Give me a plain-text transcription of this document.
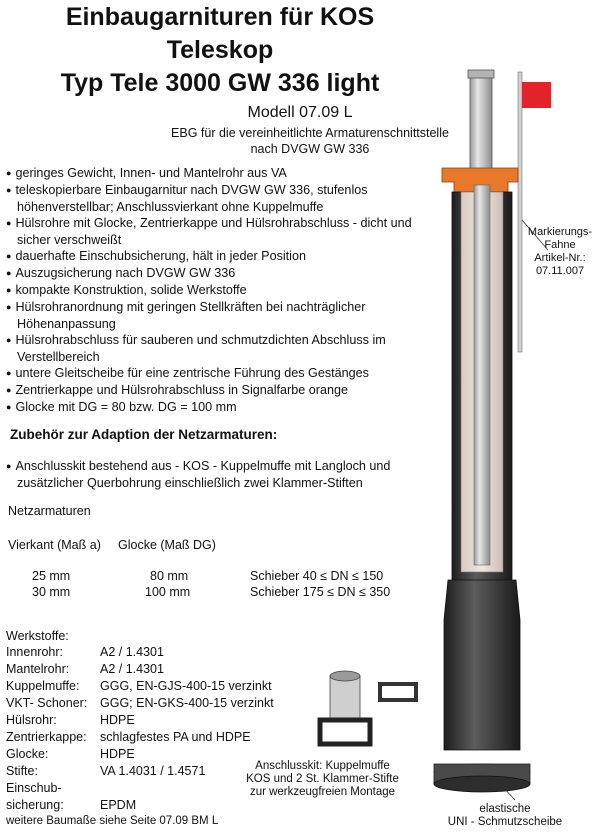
Einbaugarnituren für KOS
Teleskop
Typ Tele 3000 GW 336 light
Modell 07.09 L
EBG für die vereinheitlichte Armaturenschnittstelle
nach DVGW GW 336
● geringes Gewicht, Innen- und Mantelrohr aus VA
● teleskopierbare Einbaugarnitur nach DVGW GW 336, stufenlos höhenverstellbar; Anschlussvierkant ohne Kuppelmuffe
● Hülsrohre mit Glocke, Zentrierkappe und Hülsrohrabschluss - dicht und sicher verschweißt
● dauerhafte Einschubsicherung, hält in jeder Position
● Auszugsicherung nach DVGW GW 336
● kompakte Konstruktion, solide Werkstoffe
● Hülsrohranordnung mit geringen Stellkräften bei nachträglicher Höhenanpassung
● Hülsrohrabschluss für sauberen und schmutzdichten Abschluss im Verstellbereich
● untere Gleitscheibe für eine zentrische Führung des Gestänges
● Zentrierkappe und Hülsrohrabschluss in Signalfarbe orange
● Glocke mit DG = 80 bzw. DG = 100 mm
Zubehör zur Adaption der Netzarmaturen:
● Anschlusskit bestehend aus - KOS - Kuppelmuffe mit Langloch und zusätzlicher Querbohrung einschließlich zwei Klammer-Stiften
Netzarmaturen
Vierkant (Maß a) Glocke (Maß DG)
25 mm	80 mm	Schieber 40 ≤ DN ≤ 150
30 mm	100 mm	Schieber 175 ≤ DN ≤ 350
Werkstoffe:
Innenrohr:	A2 / 1.4301
Mantelrohr:	A2 / 1.4301
Kuppelmuffe:	GGG, EN-GJS-400-15 verzinkt
VKT- Schoner:	GGG; EN-GKS-400-15 verzinkt
Hülsrohr:	HDPE
Zentrierkappe:	schlagfestes PA und HDPE
Glocke:	HDPE
Stifte:	VA 1.4031 / 1.4571
Einschub-	
sicherung:	EPDM
weitere Baumaße siehe Seite 07.09 BM L
Markierungs-
Fahne
Artikel-Nr.:
07.11.007
Anschlusskit: Kuppelmuffe
KOS und 2 St. Klammer-Stifte
zur werkzeugfreien Montage
elastische
UNI - Schmutzscheibe
